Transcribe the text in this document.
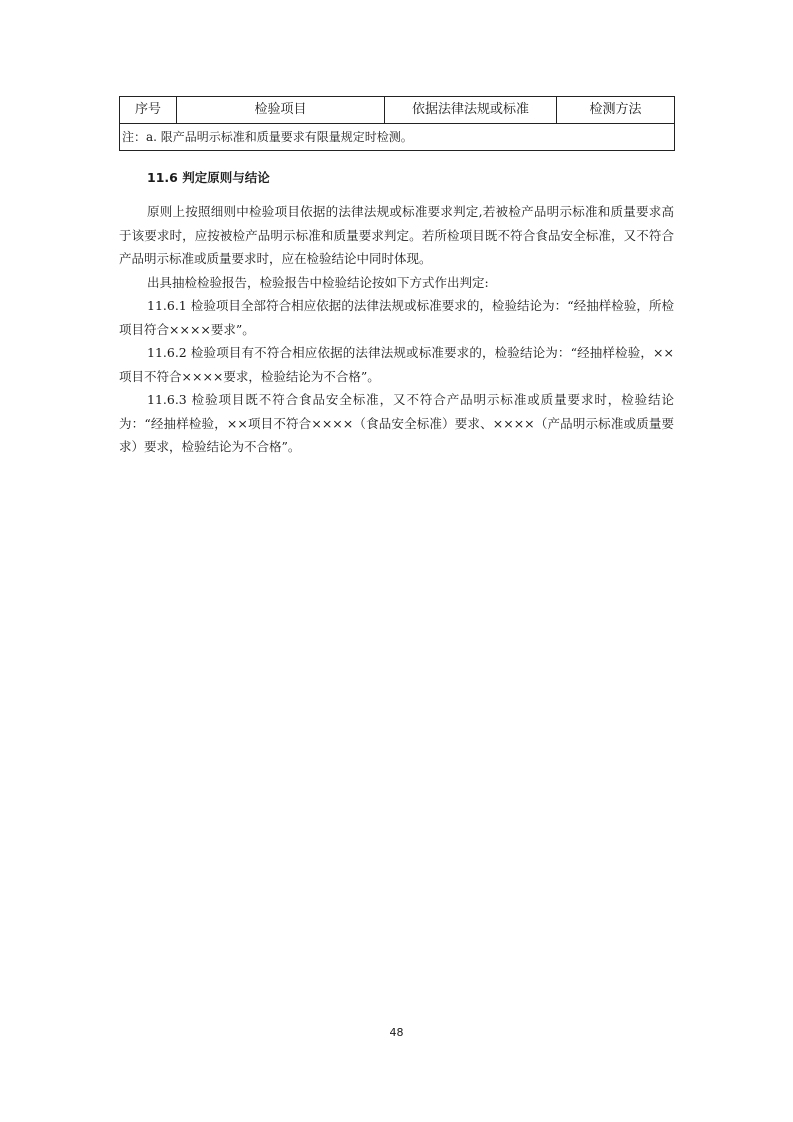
序号	检验项目	依据法律法规或标准	检测方法
注：a. 限产品明示标准和质量要求有限量规定时检测。
11.6 判定原则与结论

原则上按照细则中检验项目依据的法律法规或标准要求判定,若被检产品明示标准和质量要求高于该要求时，应按被检产品明示标准和质量要求判定。若所检项目既不符合食品安全标准，又不符合产品明示标准或质量要求时，应在检验结论中同时体现。

出具抽检检验报告，检验报告中检验结论按如下方式作出判定:

11.6.1 检验项目全部符合相应依据的法律法规或标准要求的，检验结论为：“经抽样检验，所检项目符合××××要求”。

11.6.2 检验项目有不符合相应依据的法律法规或标准要求的，检验结论为：“经抽样检验，××项目不符合××××要求，检验结论为不合格”。

11.6.3 检验项目既不符合食品安全标准，又不符合产品明示标准或质量要求时，检验结论为：“经抽样检验，××项目不符合××××（食品安全标准）要求、××××（产品明示标准或质量要求）要求，检验结论为不合格”。

48
